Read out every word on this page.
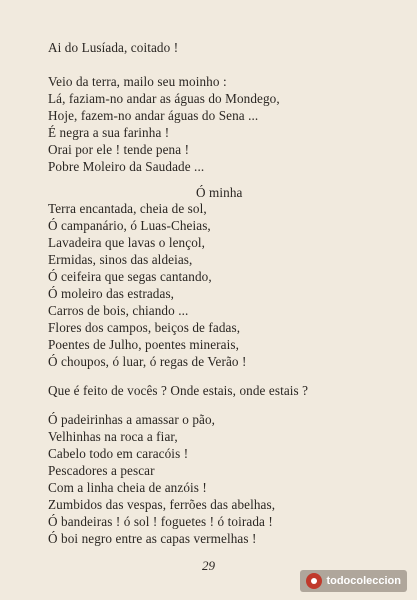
Ai do Lusíada, coitado !
Veio da terra, mailo seu moinho :
Lá, faziam-no andar as águas do Mondego,
Hoje, fazem-no andar águas do Sena ...
É negra a sua farinha !
Orai por ele ! tende pena !
Pobre Moleiro da Saudade ...
Ó minha
Terra encantada, cheia de sol,
Ó campanário, ó Luas-Cheias,
Lavadeira que lavas o lençol,
Ermidas, sinos das aldeias,
Ó ceifeira que segas cantando,
Ó moleiro das estradas,
Carros de bois, chiando ...
Flores dos campos, beiços de fadas,
Poentes de Julho, poentes minerais,
Ó choupos, ó luar, ó regas de Verão !
Que é feito de vocês ? Onde estais, onde estais ?
Ó padeirinhas a amassar o pão,
Velhinhas na roca a fiar,
Cabelo todo em caracóis !
Pescadores a pescar
Com a linha cheia de anzóis !
Zumbidos das vespas, ferrões das abelhas,
Ó bandeiras ! ó sol ! foguetes ! ó toirada !
Ó boi negro entre as capas vermelhas !
29
todocoleccion
